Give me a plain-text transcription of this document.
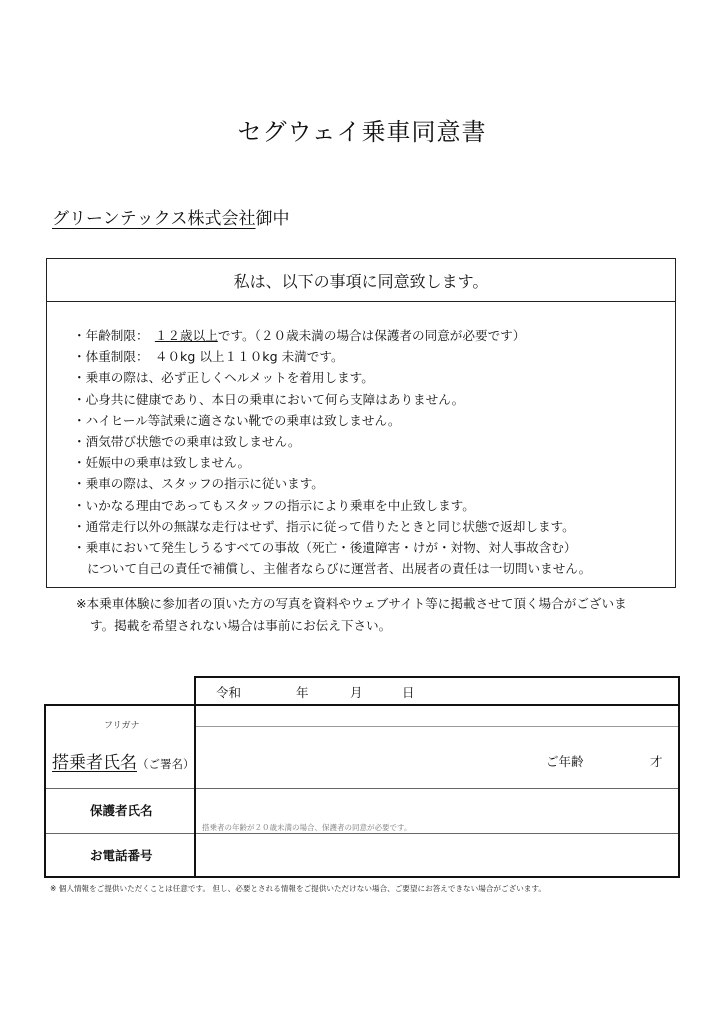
セグウェイ乗車同意書
グリーンテックス株式会社御中
私は、以下の事項に同意致します。
・年齢制限：　１２歳以上です。（２０歳未満の場合は保護者の同意が必要です）
・体重制限：　４０kg 以上１１０kg 未満です。
・乗車の際は、必ず正しくヘルメットを着用します。
・心身共に健康であり、本日の乗車において何ら支障はありません。
・ハイヒール等試乗に適さない靴での乗車は致しません。
・酒気帯び状態での乗車は致しません。
・妊娠中の乗車は致しません。
・乗車の際は、スタッフの指示に従います。
・いかなる理由であってもスタッフの指示により乗車を中止致します。
・通常走行以外の無謀な走行はせず、指示に従って借りたときと同じ状態で返却します。
・乗車において発生しうるすべての事故（死亡・後遺障害・けが・対物、対人事故含む）
について自己の責任で補償し、主催者ならびに運営者、出展者の責任は一切問いません。
※本乗車体験に参加者の頂いた方の写真を資料やウェブサイト等に掲載させて頂く場合がございま
す。掲載を希望されない場合は事前にお伝え下さい。
令和	年	月	日
フリガナ
搭乗者氏名（ご署名）	ご年齢	才
保護者氏名
搭乗者の年齢が２０歳未満の場合、保護者の同意が必要です。
お電話番号
※ 個人情報をご提供いただくことは任意です。 但し、必要とされる情報をご提供いただけない場合、ご要望にお答えできない場合がございます。
